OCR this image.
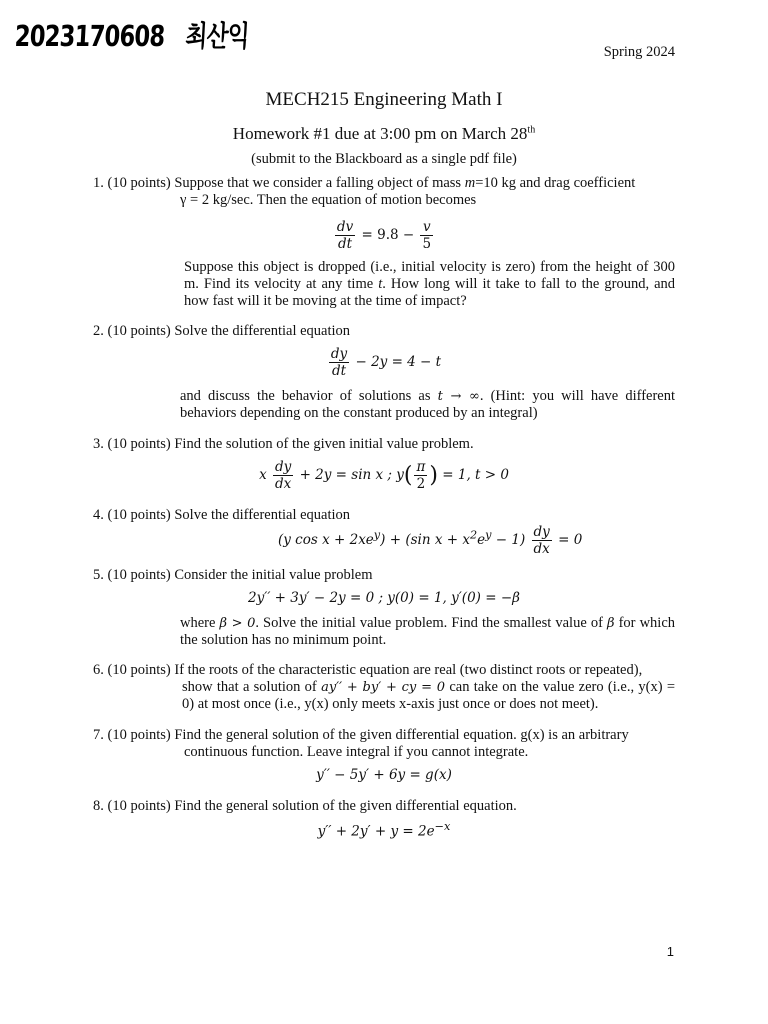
2023170608 최산익	Spring 2024
MECH215 Engineering Math I
Homework #1 due at 3:00 pm on March 28th
(submit to the Blackboard as a single pdf file)
1. (10 points) Suppose that we consider a falling object of mass m=10 kg and drag coefficient
γ = 2 kg/sec. Then the equation of motion becomes
$\frac{dv}{dt} = 9.8 - \frac{v}{5}$
Suppose this object is dropped (i.e., initial velocity is zero) from the height of 300 m. Find its velocity at any time t. How long will it take to fall to the ground, and how fast will it be moving at the time of impact?
2. (10 points) Solve the differential equation
$\frac{dy}{dt} - 2y = 4 - t$
and discuss the behavior of solutions as t → ∞. (Hint: you will have different behaviors depending on the constant produced by an integral)
3. (10 points) Find the solution of the given initial value problem.
x $\frac{dy}{dx} + 2y = \sin x$ ; $y( \frac{\pi}{2}$ ) = 1, t > 0
4. (10 points) Solve the differential equation
(y $\cos x + 2xe^y) + (\sin$ $x + x^2e^y - 1) \frac{dy}{dx} = 0$
5. (10 points) Consider the initial value problem
2y′′ + 3y′ − 2y = 0 ; y(0) = 1, y′(0) = −β
where β > 0. Solve the initial value problem. Find the smallest value of β for which the solution has no minimum point.
6. (10 points) If the roots of the characteristic equation are real (two distinct roots or repeated),
show that a solution of ay′′ + by′ + cy = 0 can take on the value zero (i.e., y(x) = 0) at most once (i.e., y(x) only meets x-axis just once or does not meet).
7. (10 points) Find the general solution of the given differential equation. g(x) is an arbitrary
continuous function. Leave integral if you cannot integrate.
y′′ − 5y′ + 6y = g(x)
8. (10 points) Find the general solution of the given differential equation.
$y'' + 2y' + y = 2e^{-x}$
1
